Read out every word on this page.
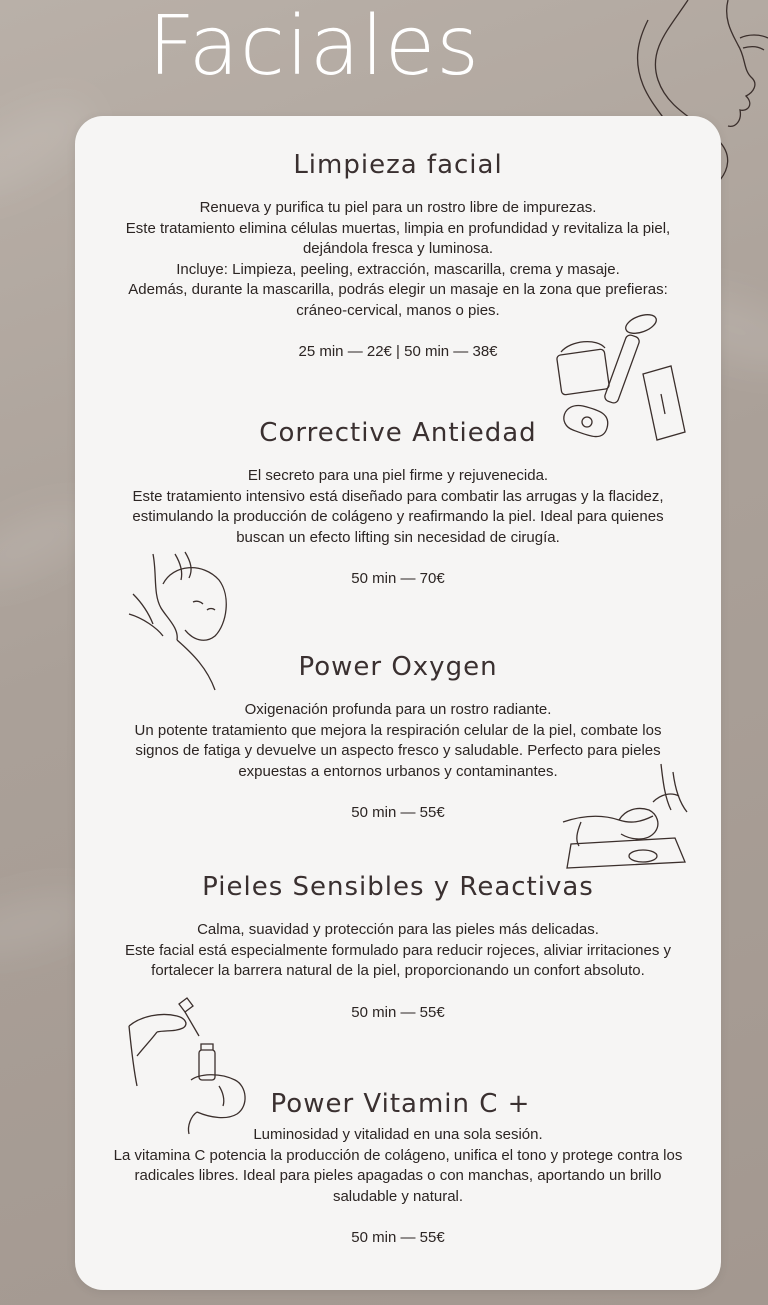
Faciales
Limpieza facial
Renueva y purifica tu piel para un rostro libre de impurezas.
Este tratamiento elimina células muertas, limpia en profundidad y revitaliza la piel,
dejándola fresca y luminosa.
Incluye: Limpieza, peeling, extracción, mascarilla, crema y masaje.
Además, durante la mascarilla, podrás elegir un masaje en la zona que prefieras:
cráneo-cervical, manos o pies.
25 min — 22€ | 50 min — 38€
Corrective Antiedad
El secreto para una piel firme y rejuvenecida.
Este tratamiento intensivo está diseñado para combatir las arrugas y la flacidez,
estimulando la producción de colágeno y reafirmando la piel. Ideal para quienes
buscan un efecto lifting sin necesidad de cirugía.
50 min — 70€
Power Oxygen
Oxigenación profunda para un rostro radiante.
Un potente tratamiento que mejora la respiración celular de la piel, combate los
signos de fatiga y devuelve un aspecto fresco y saludable. Perfecto para pieles
expuestas a entornos urbanos y contaminantes.
50 min — 55€
Pieles Sensibles y Reactivas
Calma, suavidad y protección para las pieles más delicadas.
Este facial está especialmente formulado para reducir rojeces, aliviar irritaciones y
fortalecer la barrera natural de la piel, proporcionando un confort absoluto.
50 min — 55€
Power Vitamin C +
Luminosidad y vitalidad en una sola sesión.
La vitamina C potencia la producción de colágeno, unifica el tono y protege contra los
radicales libres. Ideal para pieles apagadas o con manchas, aportando un brillo
saludable y natural.
50 min — 55€
